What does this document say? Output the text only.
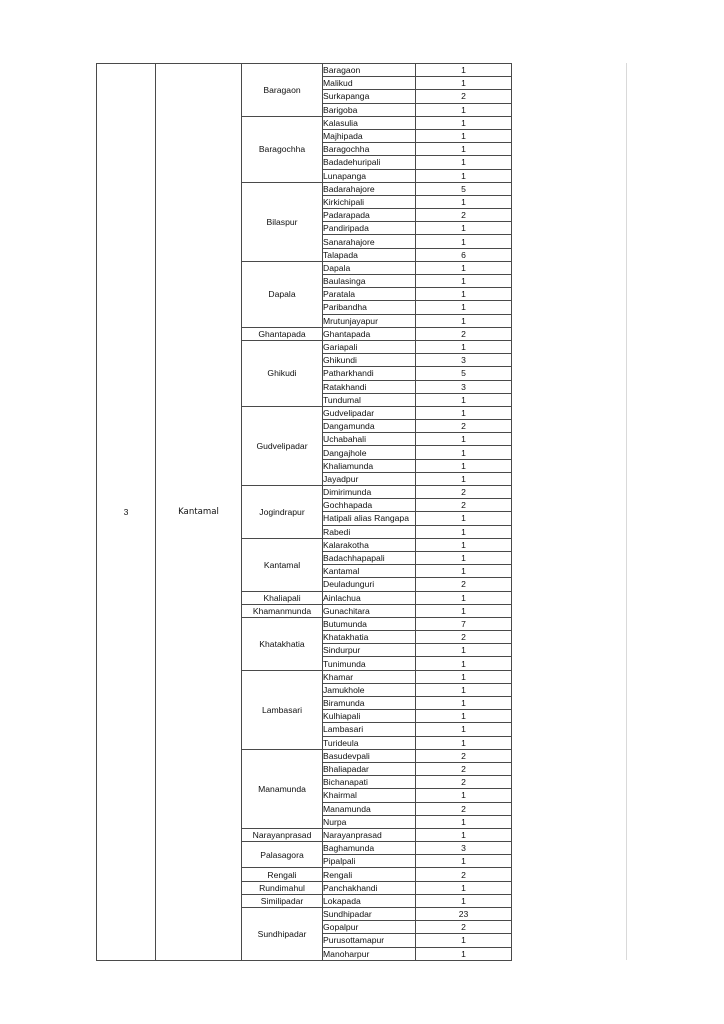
3	Kantamal	Baragaon	Baragaon	1
			Malikud	1
			Surkapanga	2
			Barigoba	1
		Baragochha	Kalasulia	1
			Majhipada	1
			Baragochha	1
			Badadehuripali	1
			Lunapanga	1
		Bilaspur	Badarahajore	5
			Kirkichipali	1
			Padarapada	2
			Pandiripada	1
			Sanarahajore	1
			Talapada	6
		Dapala	Dapala	1
			Baulasinga	1
			Paratala	1
			Paribandha	1
			Mrutunjayapur	1
		Ghantapada	Ghantapada	2
		Ghikudi	Gariapali	1
			Ghikundi	3
			Patharkhandi	5
			Ratakhandi	3
			Tundumal	1
		Gudvelipadar	Gudvelipadar	1
			Dangamunda	2
			Uchabahali	1
			Dangajhole	1
			Khaliamunda	1
			Jayadpur	1
		Jogindrapur	Dimirimunda	2
			Gochhapada	2
			Hatipali alias Rangapa	1
			Rabedi	1
		Kantamal	Kalarakotha	1
			Badachhapapali	1
			Kantamal	1
			Deuladunguri	2
		Khaliapali	Ainlachua	1
		Khamanmunda	Gunachitara	1
		Khatakhatia	Butumunda	7
			Khatakhatia	2
			Sindurpur	1
			Tunimunda	1
		Lambasari	Khamar	1
			Jamukhole	1
			Biramunda	1
			Kulhiapali	1
			Lambasari	1
			Turideula	1
		Manamunda	Basudevpali	2
			Bhaliapadar	2
			Bichanapati	2
			Khairmal	1
			Manamunda	2
			Nurpa	1
		Narayanprasad	Narayanprasad	1
		Palasagora	Baghamunda	3
			Pipalpali	1
		Rengali	Rengali	2
		Rundimahul	Panchakhandi	1
		Similipadar	Lokapada	1
		Sundhipadar	Sundhipadar	23
			Gopalpur	2
			Purusottamapur	1
			Manoharpur	1
